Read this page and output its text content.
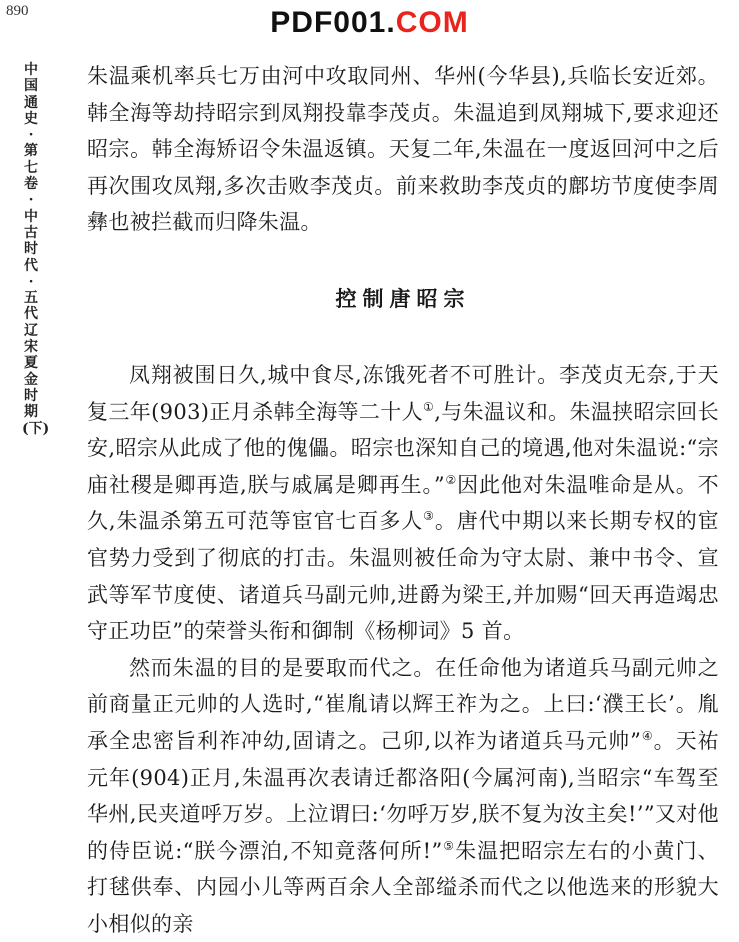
890	PDF001.COM
中国通史·第七卷·中古时代·五代辽宋夏金时期(下)

朱温乘机率兵七万由河中攻取同州、华州(今华县),兵临长安近郊。韩全海等劫持昭宗到凤翔投靠李茂贞。朱温追到凤翔城下,要求迎还昭宗。韩全海矫诏令朱温返镇。天复二年,朱温在一度返回河中之后再次围攻凤翔,多次击败李茂贞。前来救助李茂贞的鄜坊节度使李周彝也被拦截而归降朱温。

控制唐昭宗

凤翔被围日久,城中食尽,冻饿死者不可胜计。李茂贞无奈,于天复三年(903)正月杀韩全海等二十人①,与朱温议和。朱温挟昭宗回长安,昭宗从此成了他的傀儡。昭宗也深知自己的境遇,他对朱温说:“宗庙社稷是卿再造,朕与戚属是卿再生。”②因此他对朱温唯命是从。不久,朱温杀第五可范等宦官七百多人③。唐代中期以来长期专权的宦官势力受到了彻底的打击。朱温则被任命为守太尉、兼中书令、宣武等军节度使、诸道兵马副元帅,进爵为梁王,并加赐“回天再造竭忠守正功臣”的荣誉头衔和御制《杨柳词》5 首。

然而朱温的目的是要取而代之。在任命他为诸道兵马副元帅之前商量正元帅的人选时,“崔胤请以辉王祚为之。上曰:‘濮王长’。胤承全忠密旨利祚冲幼,固请之。己卯,以祚为诸道兵马元帅”④。天祐元年(904)正月,朱温再次表请迁都洛阳(今属河南),当昭宗“车驾至华州,民夹道呼万岁。上泣谓曰:‘勿呼万岁,朕不复为汝主矣!’”又对他的侍臣说:“朕今漂泊,不知竟落何所!”⑤朱温把昭宗左右的小黄门、打毬供奉、内园小儿等两百余人全部缢杀而代之以他选来的形貌大小相似的亲
